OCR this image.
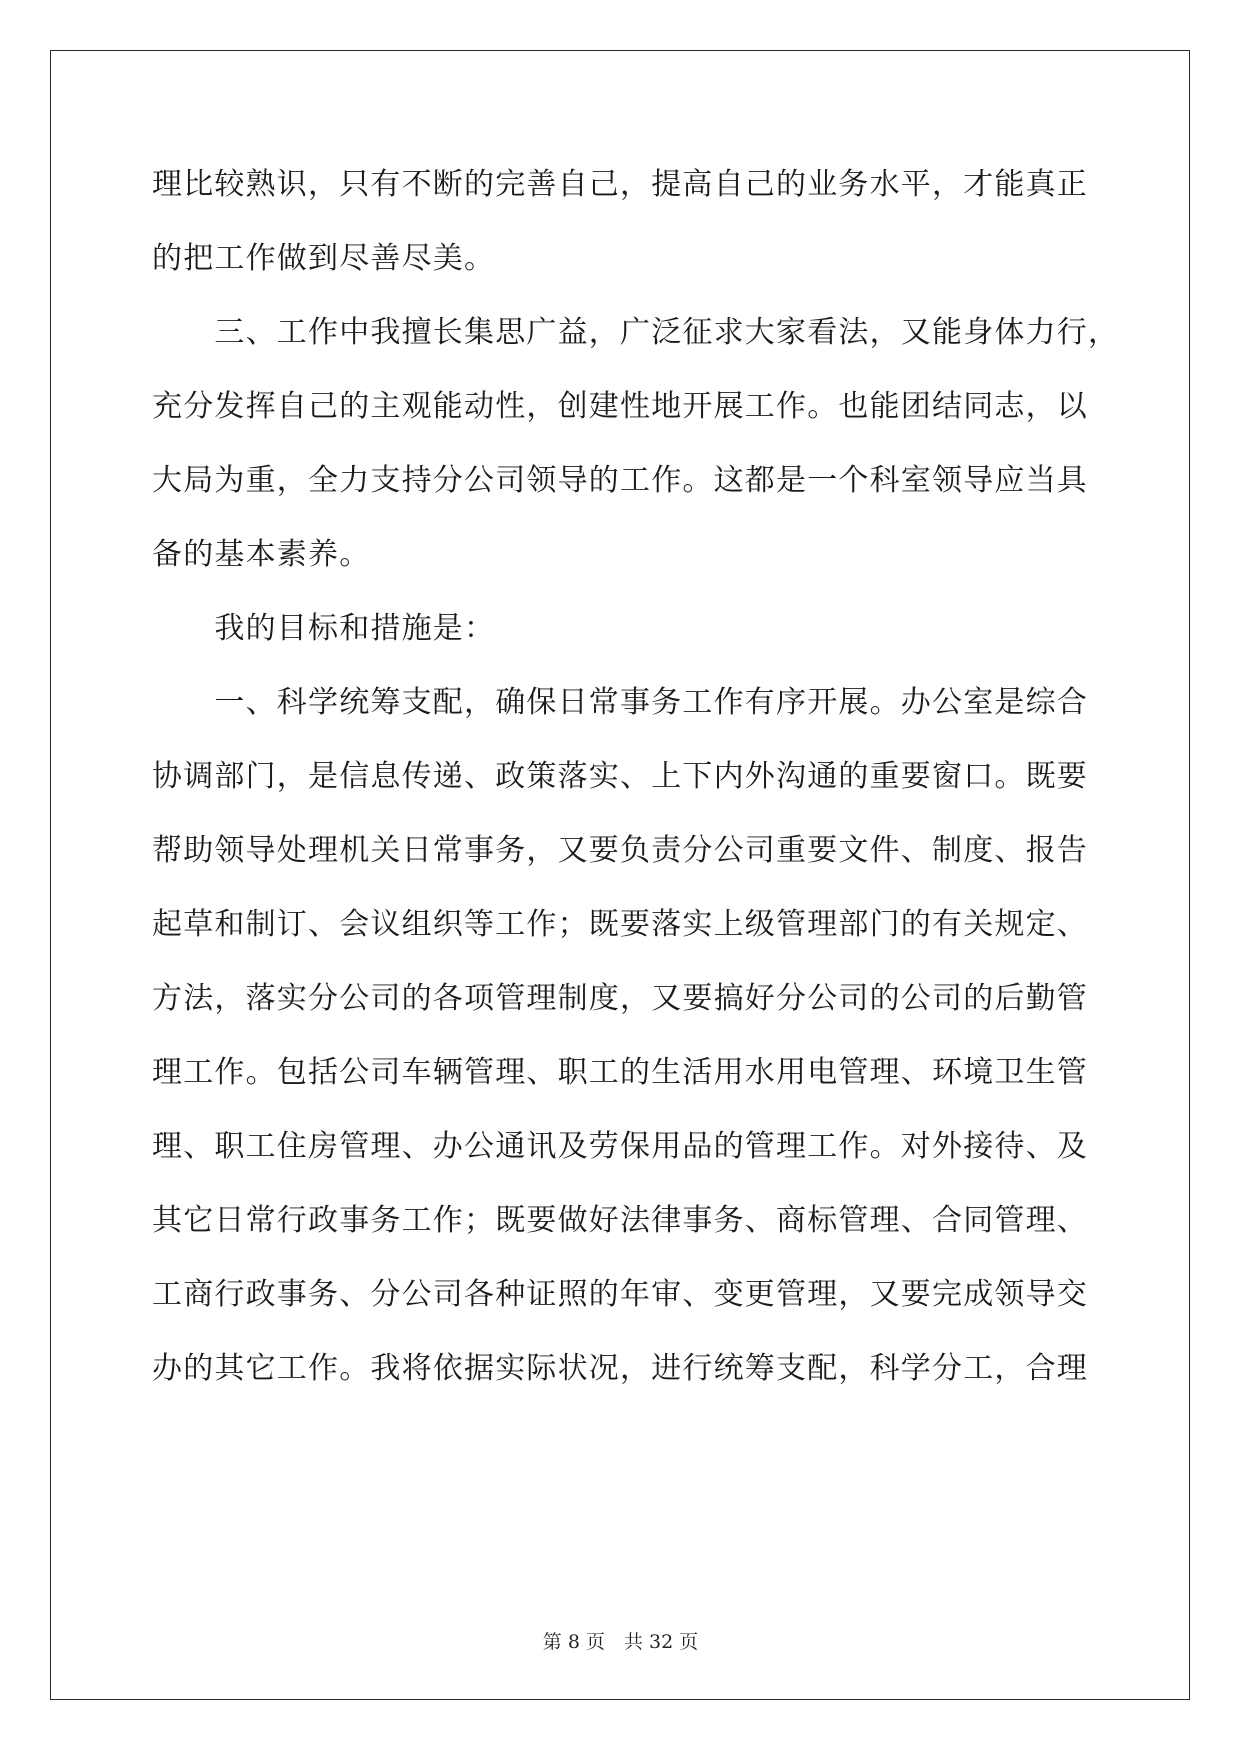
理比较熟识，只有不断的完善自己，提高自己的业务水平，才能真正
的把工作做到尽善尽美。
　　三、工作中我擅长集思广益，广泛征求大家看法，又能身体力行，
充分发挥自己的主观能动性，创建性地开展工作。也能团结同志，以
大局为重，全力支持分公司领导的工作。这都是一个科室领导应当具
备的基本素养。
　　我的目标和措施是：
　　一、科学统筹支配，确保日常事务工作有序开展。办公室是综合
协调部门，是信息传递、政策落实、上下内外沟通的重要窗口。既要
帮助领导处理机关日常事务，又要负责分公司重要文件、制度、报告
起草和制订、会议组织等工作；既要落实上级管理部门的有关规定、
方法，落实分公司的各项管理制度，又要搞好分公司的公司的后勤管
理工作。包括公司车辆管理、职工的生活用水用电管理、环境卫生管
理、职工住房管理、办公通讯及劳保用品的管理工作。对外接待、及
其它日常行政事务工作；既要做好法律事务、商标管理、合同管理、
工商行政事务、分公司各种证照的年审、变更管理，又要完成领导交
办的其它工作。我将依据实际状况，进行统筹支配，科学分工，合理
第 8 页　共 32 页
